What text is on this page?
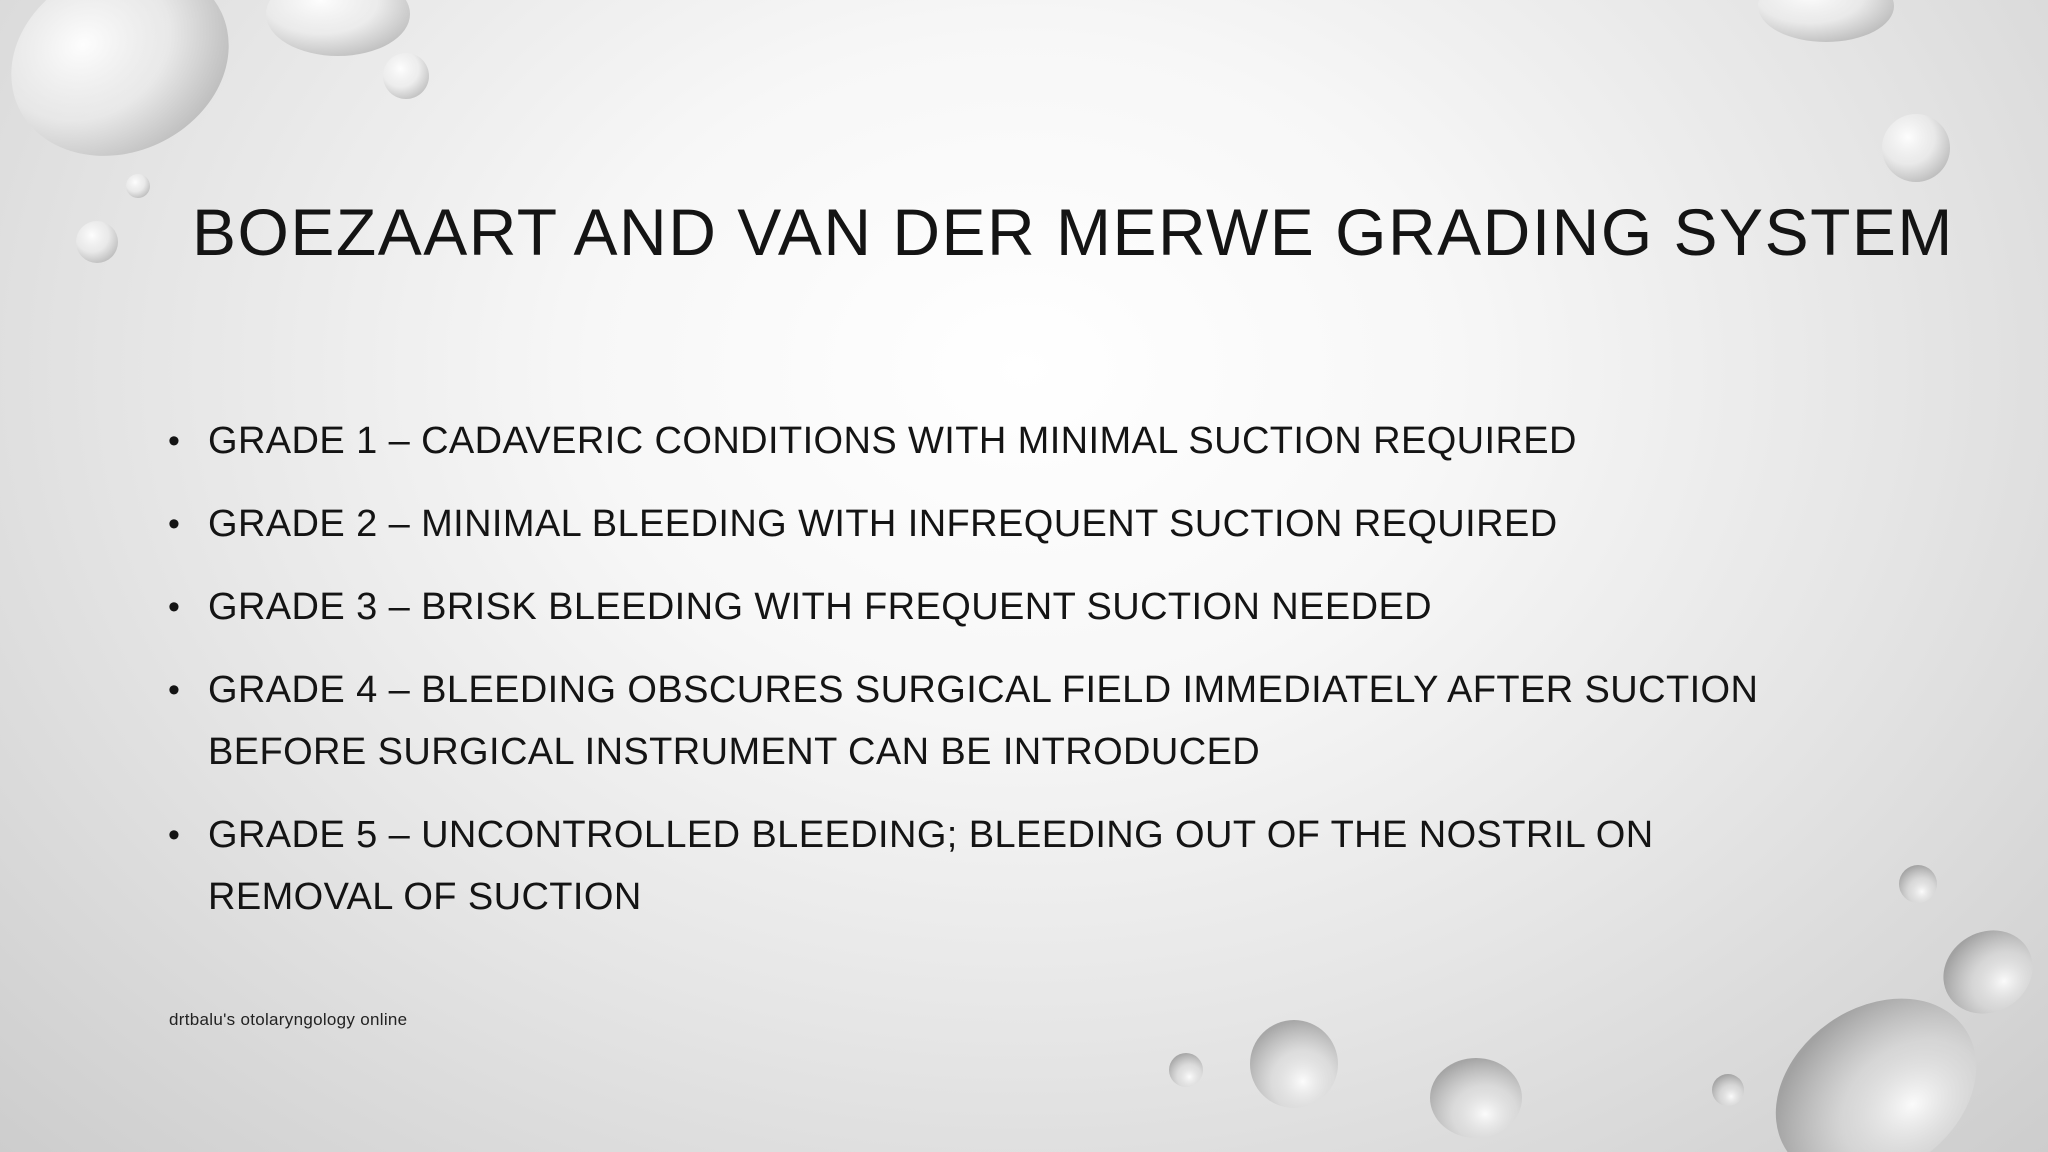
BOEZAART AND VAN DER MERWE GRADING SYSTEM
• GRADE 1 – CADAVERIC CONDITIONS WITH MINIMAL SUCTION REQUIRED
• GRADE 2 – MINIMAL BLEEDING WITH INFREQUENT SUCTION REQUIRED
• GRADE 3 – BRISK BLEEDING WITH FREQUENT SUCTION NEEDED
• GRADE 4 – BLEEDING OBSCURES SURGICAL FIELD IMMEDIATELY AFTER SUCTION BEFORE SURGICAL INSTRUMENT CAN BE INTRODUCED
• GRADE 5 – UNCONTROLLED BLEEDING; BLEEDING OUT OF THE NOSTRIL ON REMOVAL OF SUCTION
drtbalu's otolaryngology online
